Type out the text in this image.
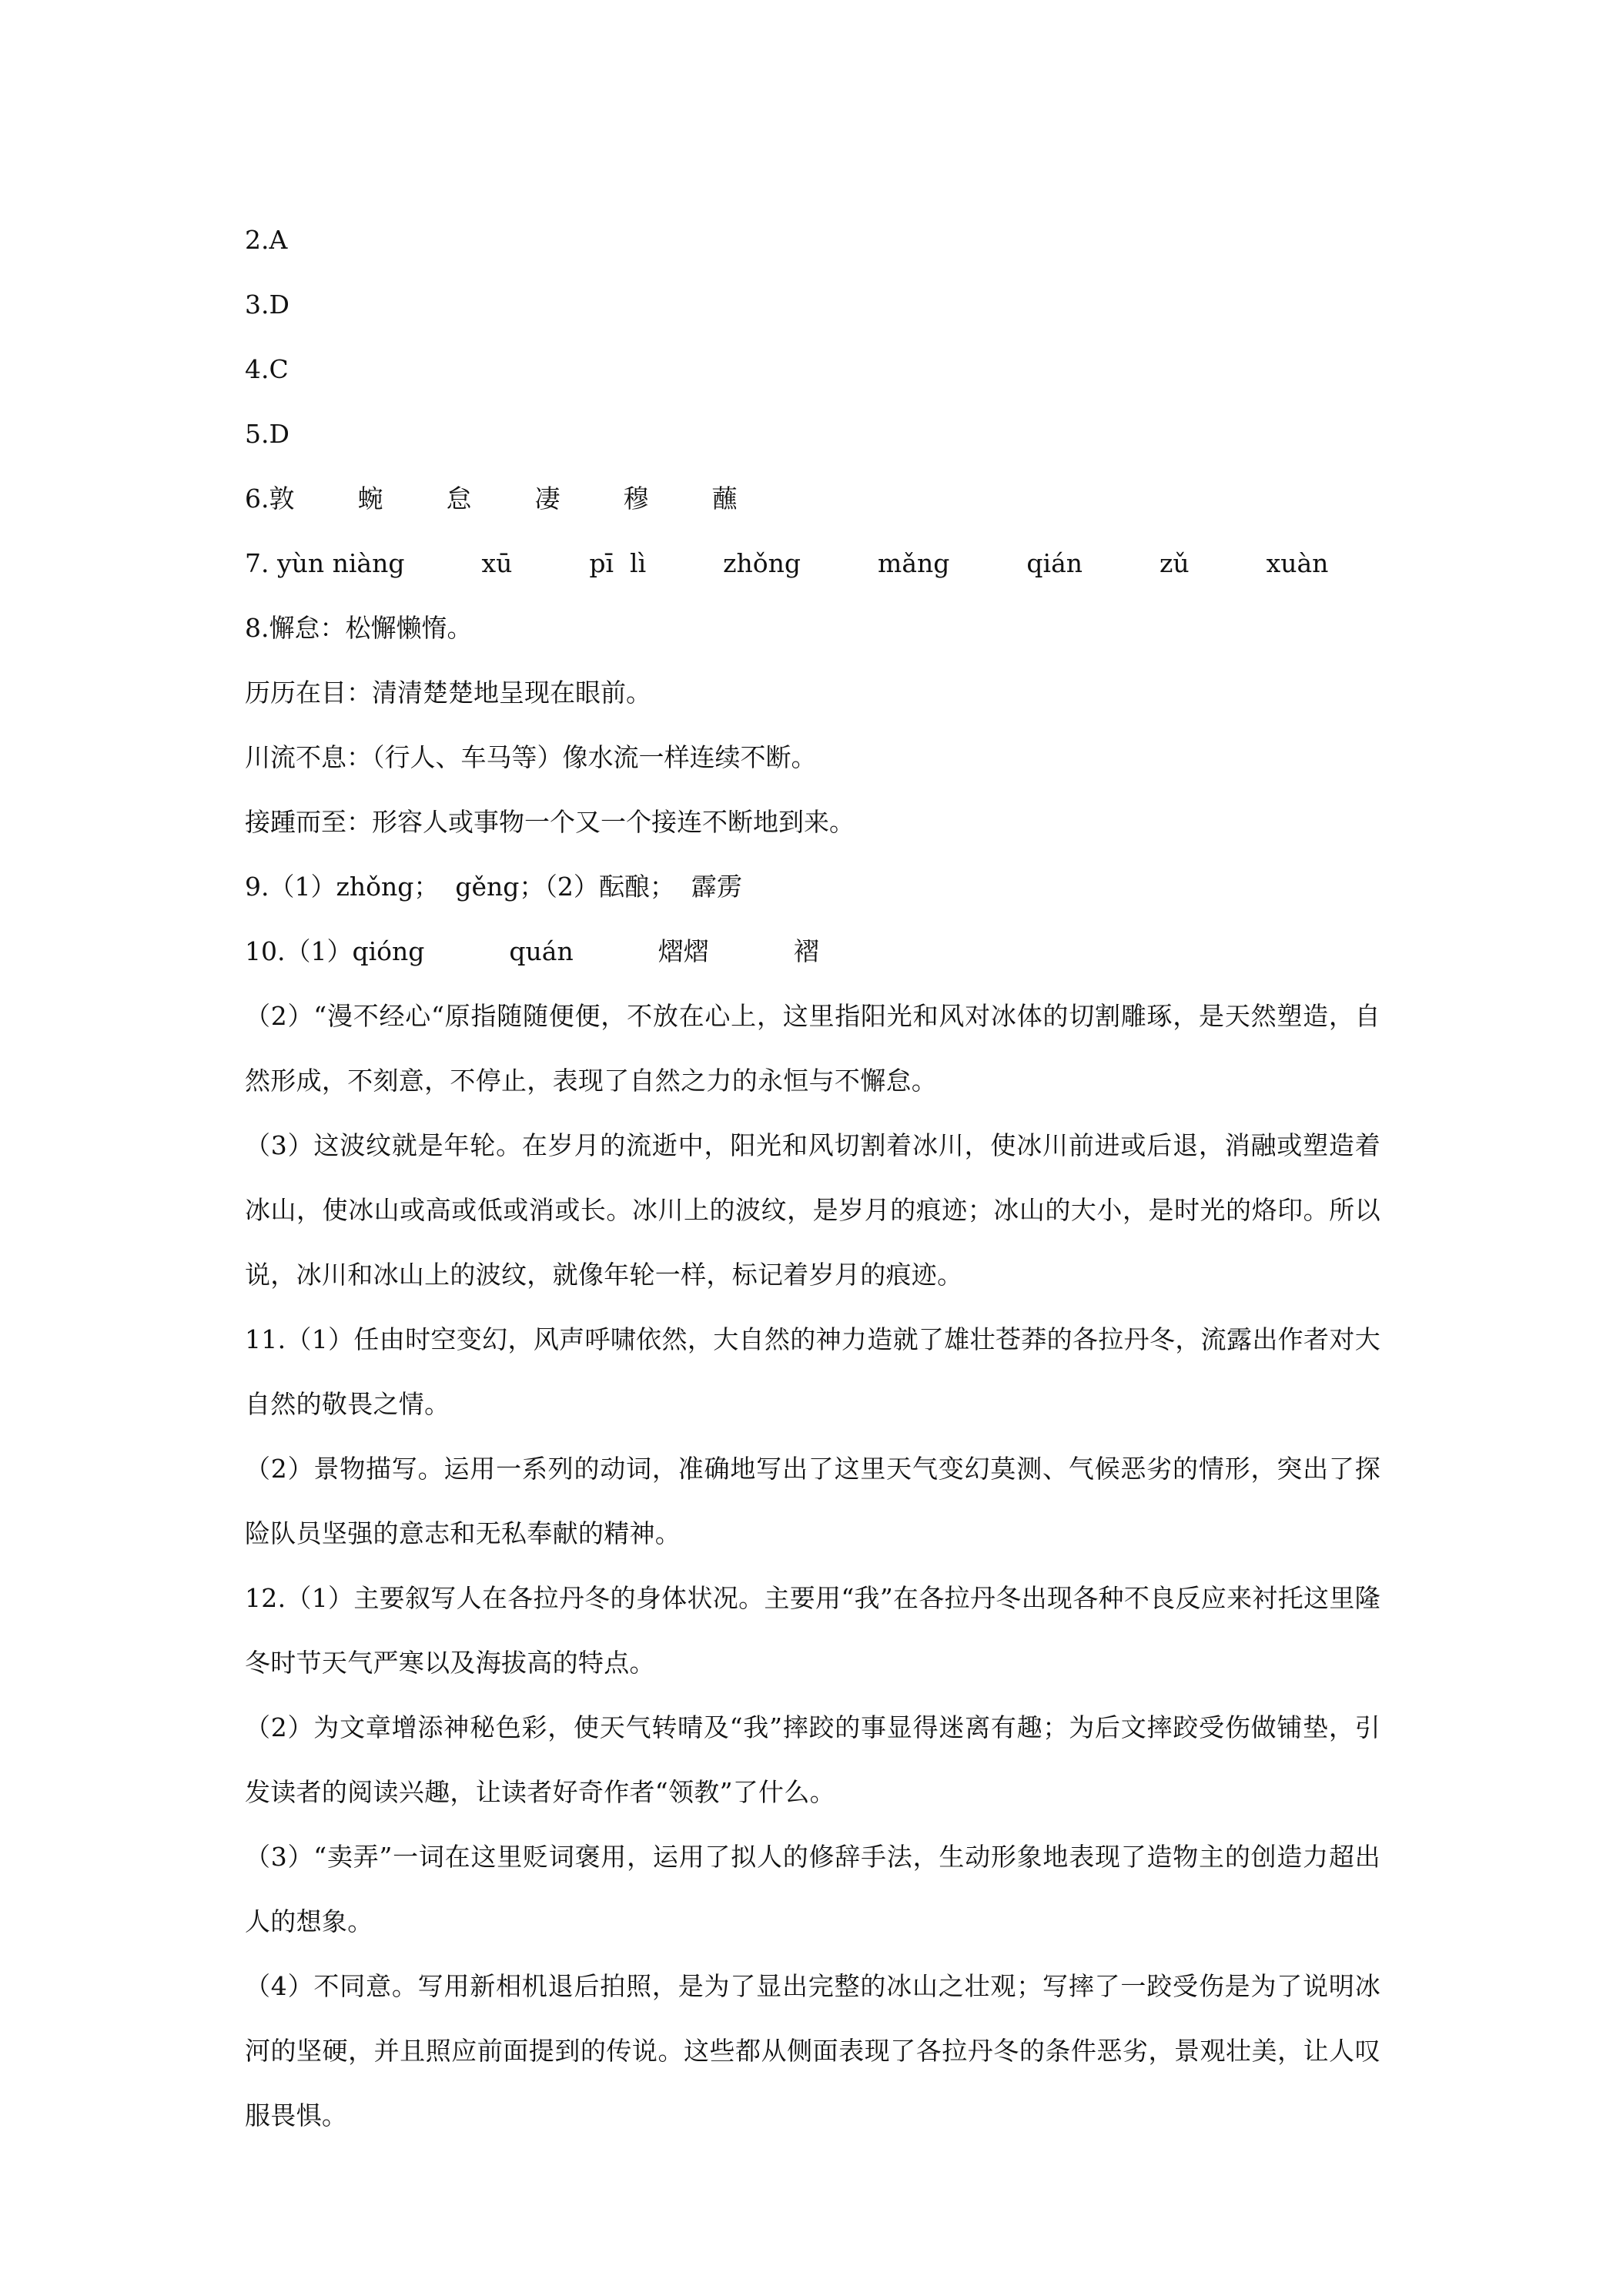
2.A
3.D
4.C
5.D
6. 敦 蜿 怠 凄 穆 蘸
7. yùn niàng	xū	pī  lì	zhǒng	mǎng	qián	zǔ	xuàn
8.懈怠：松懈懒惰。
历历在目：清清楚楚地呈现在眼前。
川流不息：（行人、车马等）像水流一样连续不断。
接踵而至：形容人或事物一个又一个接连不断地到来。
9.（1）zhǒng；  gěng；（2）酝酿；  霹雳
10.（1） qióng	quán	熠熠	褶
（2）“漫不经心“原指随随便便，不放在心上，这里指阳光和风对冰体的切割雕琢，是天然塑造，自然形成，不刻意，不停止，表现了自然之力的永恒与不懈怠。
（3）这波纹就是年轮。在岁月的流逝中，阳光和风切割着冰川，使冰川前进或后退，消融或塑造着冰山，使冰山或高或低或消或长。冰川上的波纹，是岁月的痕迹；冰山的大小，是时光的烙印。所以说，冰川和冰山上的波纹，就像年轮一样，标记着岁月的痕迹。
11.（1）任由时空变幻，风声呼啸依然，大自然的神力造就了雄壮苍莽的各拉丹冬，流露出作者对大自然的敬畏之情。
（2）景物描写。运用一系列的动词，准确地写出了这里天气变幻莫测、气候恶劣的情形，突出了探险队员坚强的意志和无私奉献的精神。
12.（1）主要叙写人在各拉丹冬的身体状况。主要用“我”在各拉丹冬出现各种不良反应来衬托这里隆冬时节天气严寒以及海拔高的特点。
（2）为文章增添神秘色彩，使天气转晴及“我”摔跤的事显得迷离有趣；为后文摔跤受伤做铺垫，引发读者的阅读兴趣，让读者好奇作者“领教”了什么。
（3）“卖弄”一词在这里贬词褒用，运用了拟人的修辞手法，生动形象地表现了造物主的创造力超出人的想象。
（4）不同意。写用新相机退后拍照，是为了显出完整的冰山之壮观；写摔了一跤受伤是为了说明冰河的坚硬，并且照应前面提到的传说。这些都从侧面表现了各拉丹冬的条件恶劣，景观壮美，让人叹服畏惧。
